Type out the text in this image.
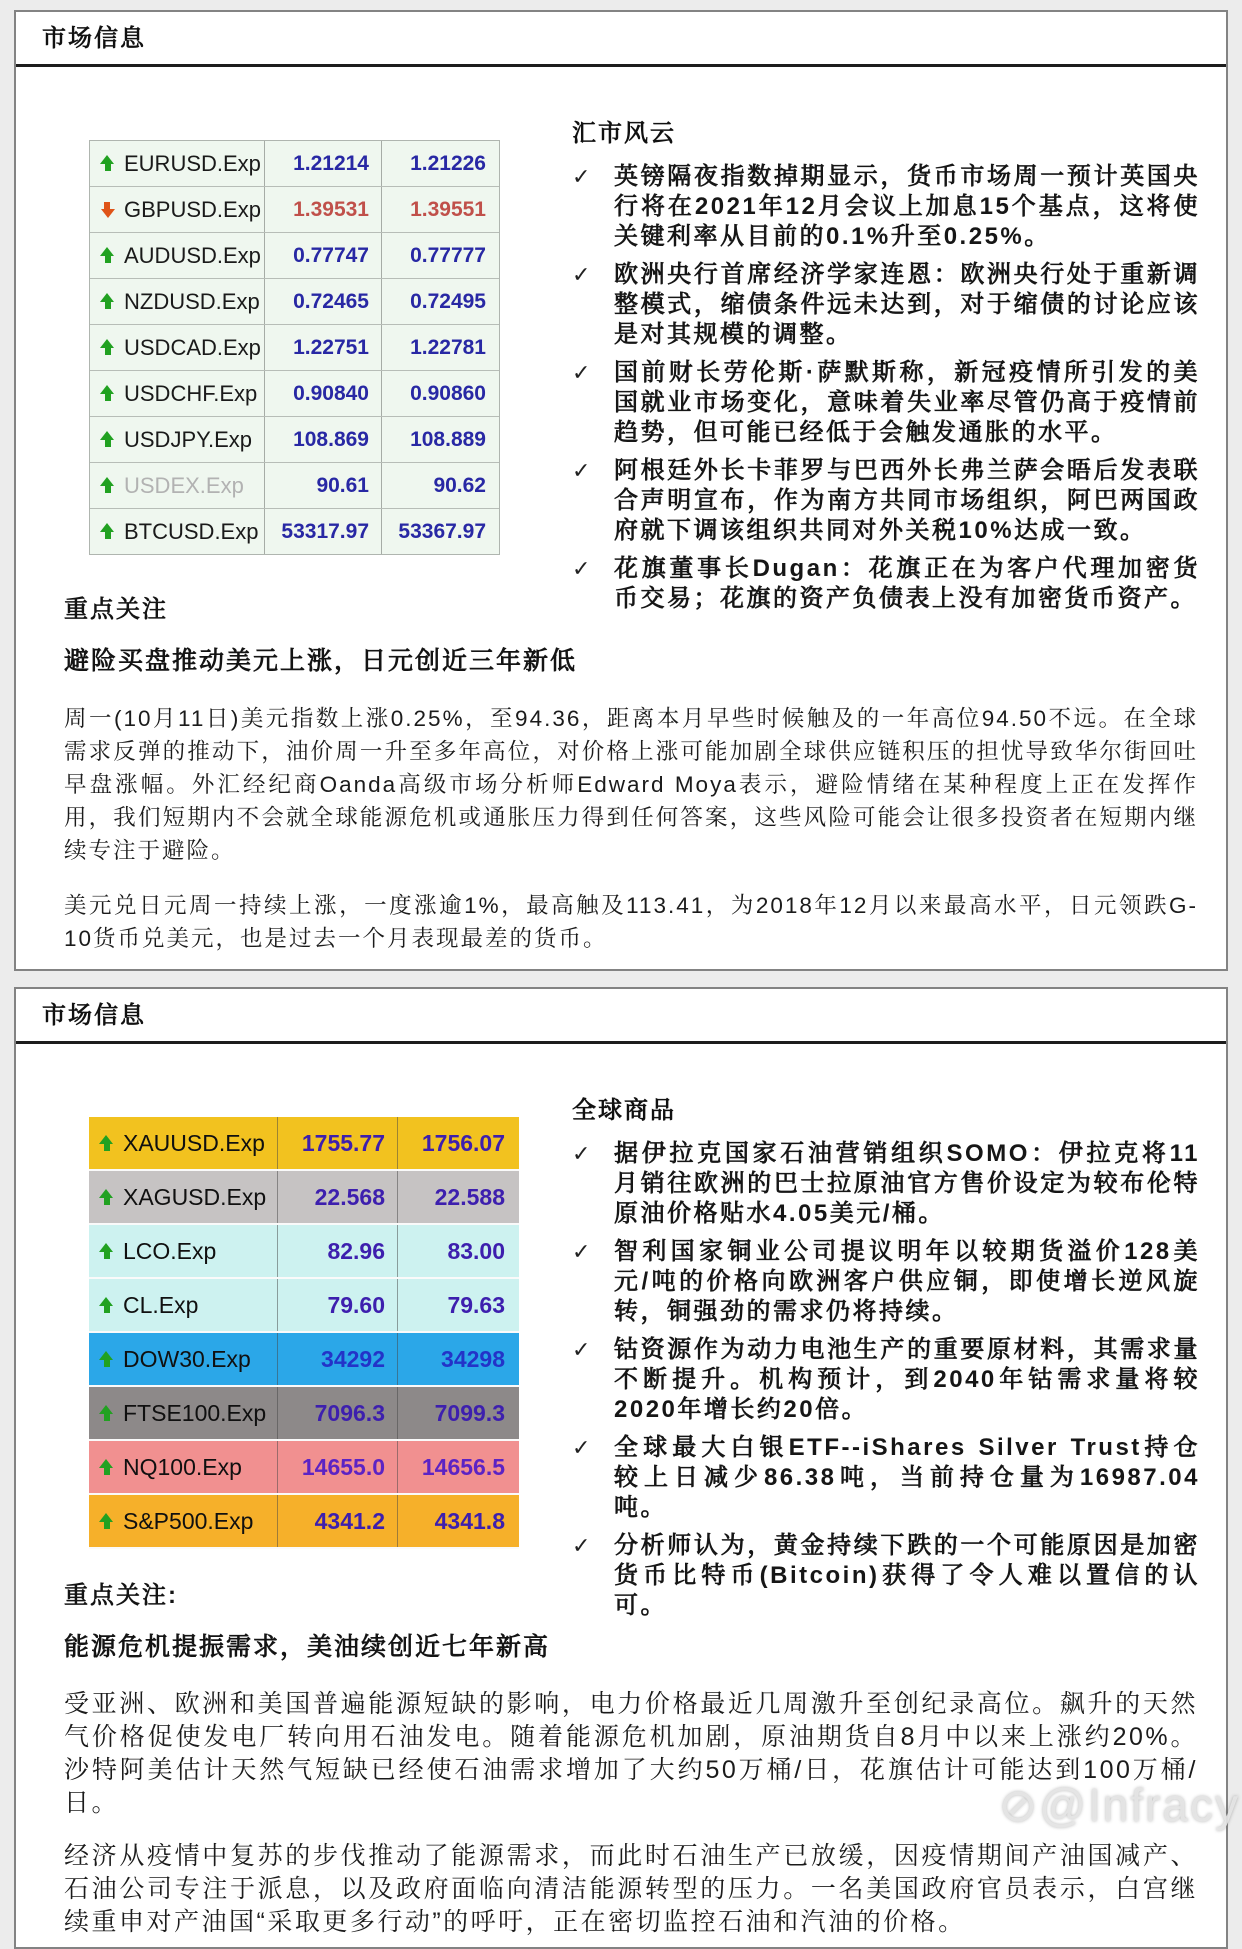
市场信息
EURUSD.Exp	1.21214	1.21226
GBPUSD.Exp	1.39531	1.39551
AUDUSD.Exp	0.77747	0.77777
NZDUSD.Exp	0.72465	0.72495
USDCAD.Exp	1.22751	1.22781
USDCHF.Exp	0.90840	0.90860
USDJPY.Exp	108.869	108.889
USDEX.Exp	90.61	90.62
BTCUSD.Exp	53317.97	53367.97
重点关注
避险买盘推动美元上涨，日元创近三年新低
汇市风云
✓ 英镑隔夜指数掉期显示，货币市场周一预计英国央行将在2021年12月会议上加息15个基点，这将使关键利率从目前的0.1%升至0.25%。

✓ 欧洲央行首席经济学家连恩：欧洲央行处于重新调整模式，缩债条件远未达到，对于缩债的讨论应该是对其规模的调整。

✓ 国前财长劳伦斯·萨默斯称，新冠疫情所引发的美国就业市场变化，意味着失业率尽管仍高于疫情前趋势，但可能已经低于会触发通胀的水平。

✓ 阿根廷外长卡菲罗与巴西外长弗兰萨会晤后发表联合声明宣布，作为南方共同市场组织，阿巴两国政府就下调该组织共同对外关税10%达成一致。

✓ 花旗董事长Dugan：花旗正在为客户代理加密货币交易；花旗的资产负债表上没有加密货币资产。

周一(10月11日)美元指数上涨0.25%，至94.36，距离本月早些时候触及的一年高位94.50不远。在全球需求反弹的推动下，油价周一升至多年高位，对价格上涨可能加剧全球供应链积压的担忧导致华尔街回吐早盘涨幅。外汇经纪商Oanda高级市场分析师Edward Moya表示，避险情绪在某种程度上正在发挥作用，我们短期内不会就全球能源危机或通胀压力得到任何答案，这些风险可能会让很多投资者在短期内继续专注于避险。

美元兑日元周一持续上涨，一度涨逾1%，最高触及113.41，为2018年12月以来最高水平，日元领跌G-10货币兑美元，也是过去一个月表现最差的货币。

市场信息
XAUUSD.Exp	1755.77	1756.07
XAGUSD.Exp	22.568	22.588
LCO.Exp	82.96	83.00
CL.Exp	79.60	79.63
DOW30.Exp	34292	34298
FTSE100.Exp	7096.3	7099.3
NQ100.Exp	14655.0	14656.5
S&P500.Exp	4341.2	4341.8
重点关注:
能源危机提振需求，美油续创近七年新高
全球商品
✓ 据伊拉克国家石油营销组织SOMO：伊拉克将11月销往欧洲的巴士拉原油官方售价设定为较布伦特原油价格贴水4.05美元/桶。

✓ 智利国家铜业公司提议明年以较期货溢价128美元/吨的价格向欧洲客户供应铜，即使增长逆风旋转，铜强劲的需求仍将持续。

✓ 钴资源作为动力电池生产的重要原材料，其需求量不断提升。机构预计，到2040年钴需求量将较2020年增长约20倍。

✓ 全球最大白银ETF--iShares Silver Trust持仓较上日减少86.38吨，当前持仓量为16987.04吨。

✓ 分析师认为，黄金持续下跌的一个可能原因是加密货币比特币(Bitcoin)获得了令人难以置信的认可。

受亚洲、欧洲和美国普遍能源短缺的影响，电力价格最近几周激升至创纪录高位。飙升的天然气价格促使发电厂转向用石油发电。随着能源危机加剧，原油期货自8月中以来上涨约20%。沙特阿美估计天然气短缺已经使石油需求增加了大约50万桶/日，花旗估计可能达到100万桶/日。

经济从疫情中复苏的步伐推动了能源需求，而此时石油生产已放缓，因疫情期间产油国减产、石油公司专注于派息，以及政府面临向清洁能源转型的压力。一名美国政府官员表示，白宫继续重申对产油国“采取更多行动”的呼吁，正在密切监控石油和汽油的价格。

⊘@Infracy
